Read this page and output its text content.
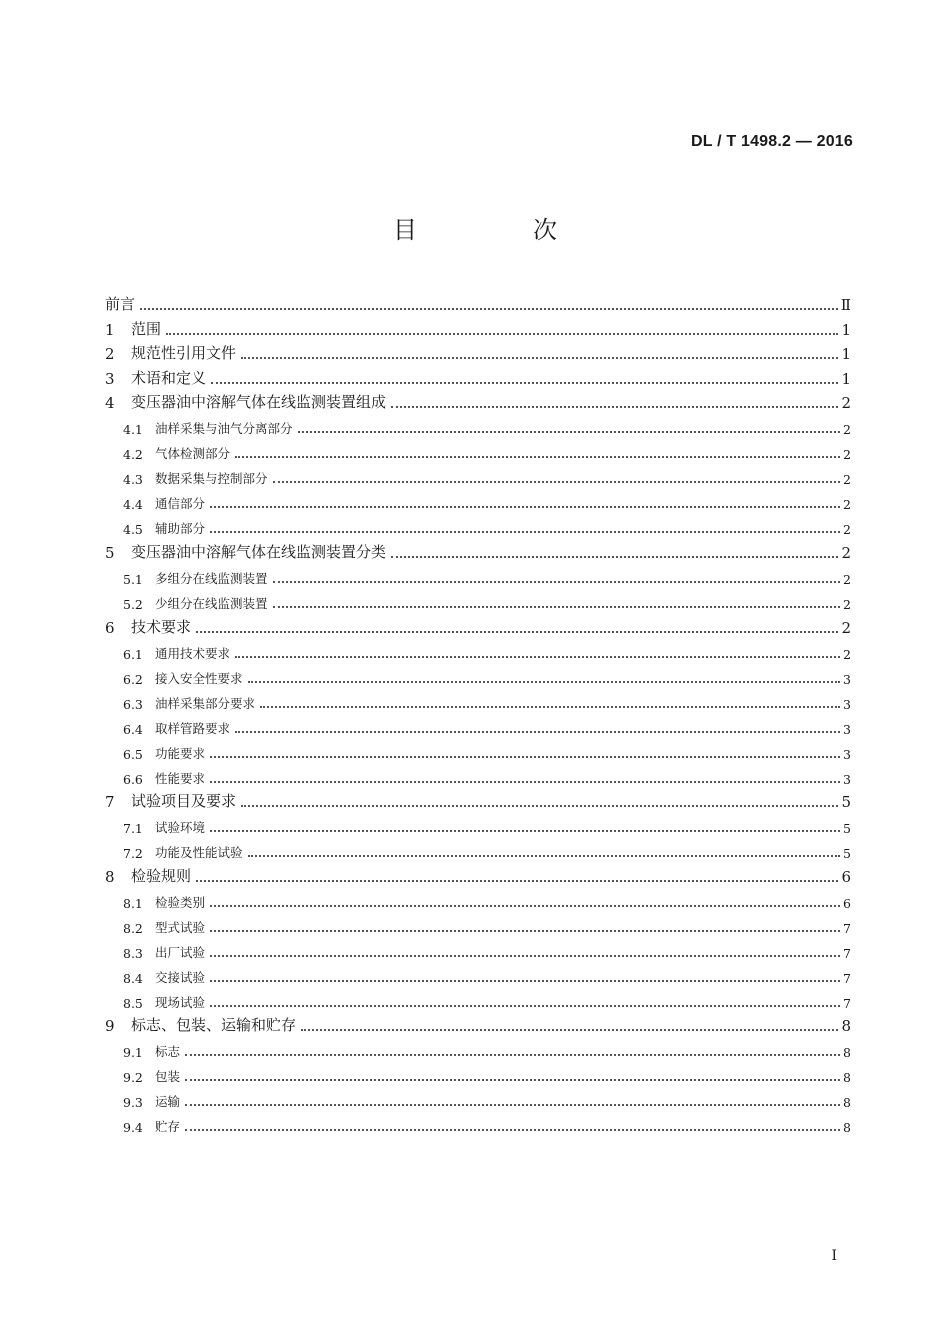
DL / T 1498.2 — 2016
目　次
前言	Ⅱ
1	范围	1
2	规范性引用文件	1
3	术语和定义	1
4	变压器油中溶解气体在线监测装置组成	2
4.1 油样采集与油气分离部分	2
4.2 气体检测部分	2
4.3 数据采集与控制部分	2
4.4 通信部分	2
4.5 辅助部分	2
5	变压器油中溶解气体在线监测装置分类	2
5.1 多组分在线监测装置	2
5.2 少组分在线监测装置	2
6	技术要求	2
6.1 通用技术要求	2
6.2 接入安全性要求	3
6.3 油样采集部分要求	3
6.4 取样管路要求	3
6.5 功能要求	3
6.6 性能要求	3
7	试验项目及要求	5
7.1 试验环境	5
7.2 功能及性能试验	5
8	检验规则	6
8.1 检验类别	6
8.2 型式试验	7
8.3 出厂试验	7
8.4 交接试验	7
8.5 现场试验	7
9	标志、包装、运输和贮存	8
9.1 标志	8
9.2 包装	8
9.3 运输	8
9.4 贮存	8
I
